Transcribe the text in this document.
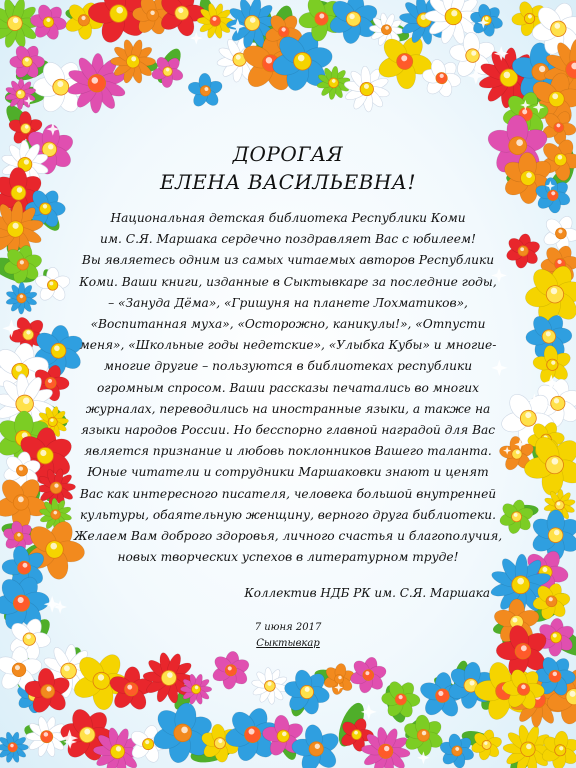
ДОРОГАЯ
ЕЛЕНА ВАСИЛЬЕВНА!
Национальная детская библиотека Республики Коми
им. С.Я. Маршака сердечно поздравляет Вас с юбилеем!
Вы являетесь одним из самых читаемых авторов Республики
Коми. Ваши книги, изданные в Сыктывкаре за последние годы,
– «Зануда Дёма», «Гришуня на планете Лохматиков»,
«Воспитанная муха», «Осторожно, каникулы!», «Отпусти
меня», «Школьные годы недетские», «Улыбка Кубы» и многие-
многие другие – пользуются в библиотеках республики
огромным спросом. Ваши рассказы печатались во многих
журналах, переводились на иностранные языки, а также на
языки народов России. Но бесспорно главной наградой для Вас
является признание и любовь поклонников Вашего таланта.
Юные читатели и сотрудники Маршаковки знают и ценят
Вас как интересного писателя, человека большой внутренней
культуры, обаятельную женщину, верного друга библиотеки.
Желаем Вам доброго здоровья, личного счастья и благополучия,
новых творческих успехов в литературном труде!
Коллектив НДБ РК им. С.Я. Маршака
7 июня 2017
Сыктывкар
